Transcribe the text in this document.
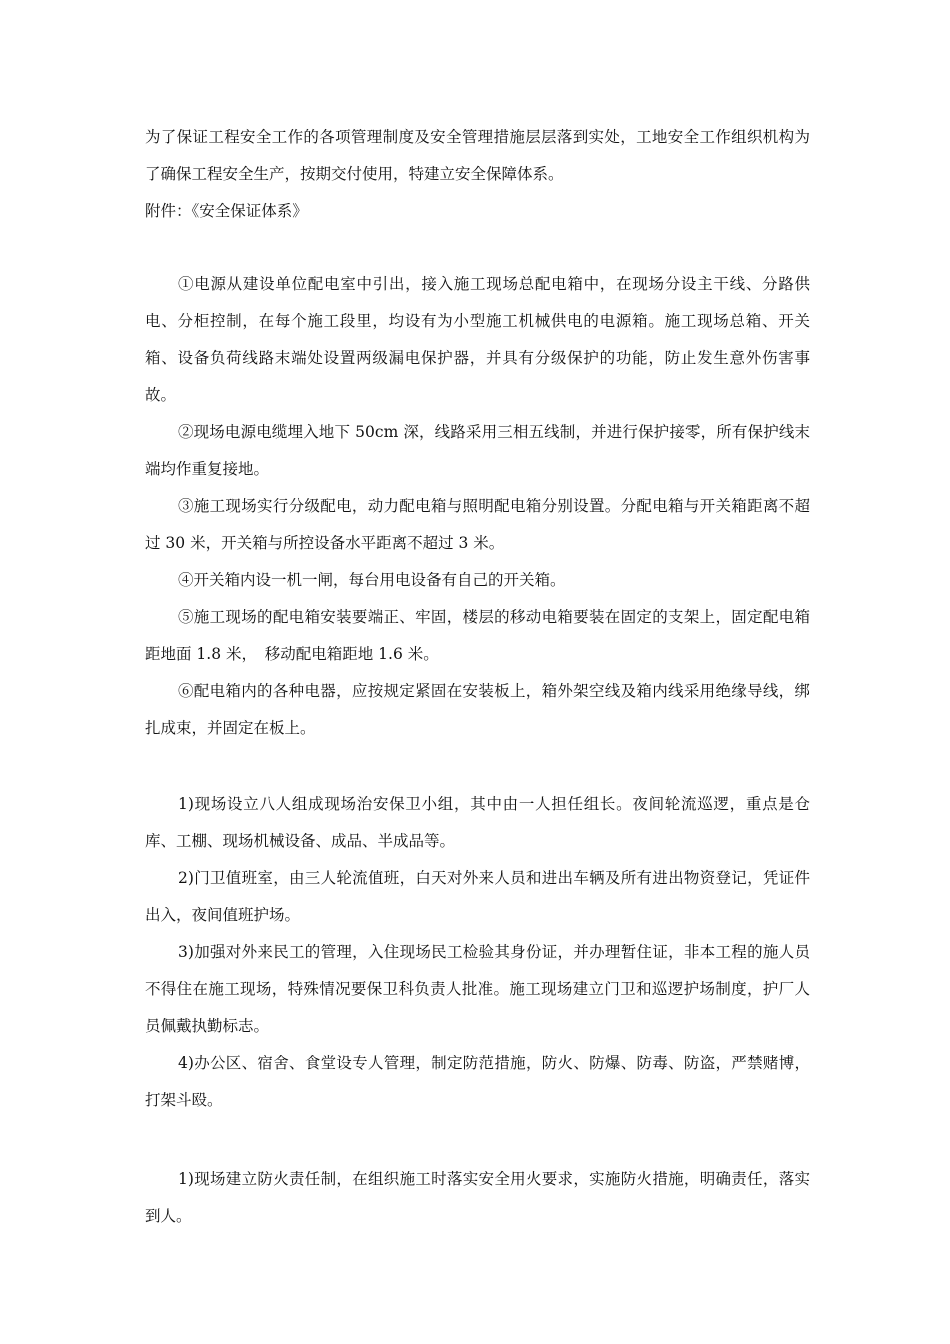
为了保证工程安全工作的各项管理制度及安全管理措施层层落到实处，工地安全工作组织机构为了确保工程安全生产，按期交付使用，特建立安全保障体系。

附件：《安全保证体系》

①电源从建设单位配电室中引出，接入施工现场总配电箱中，在现场分设主干线、分路供电、分柜控制，在每个施工段里，均设有为小型施工机械供电的电源箱。施工现场总箱、开关箱、设备负荷线路末端处设置两级漏电保护器，并具有分级保护的功能，防止发生意外伤害事故。

②现场电源电缆埋入地下 50cm 深，线路采用三相五线制，并进行保护接零，所有保护线末端均作重复接地。

③施工现场实行分级配电，动力配电箱与照明配电箱分别设置。分配电箱与开关箱距离不超过 30 米，开关箱与所控设备水平距离不超过 3 米。

④开关箱内设一机一闸，每台用电设备有自己的开关箱。

⑤施工现场的配电箱安装要端正、牢固，楼层的移动电箱要装在固定的支架上，固定配电箱距地面 1.8 米，　移动配电箱距地 1.6 米。

⑥配电箱内的各种电器，应按规定紧固在安装板上，箱外架空线及箱内线采用绝缘导线，绑扎成束，并固定在板上。

1)现场设立八人组成现场治安保卫小组，其中由一人担任组长。夜间轮流巡逻，重点是仓库、工棚、现场机械设备、成品、半成品等。

2)门卫值班室，由三人轮流值班，白天对外来人员和进出车辆及所有进出物资登记，凭证件出入，夜间值班护场。

3)加强对外来民工的管理，入住现场民工检验其身份证，并办理暂住证，非本工程的施人员不得住在施工现场，特殊情况要保卫科负责人批准。施工现场建立门卫和巡逻护场制度，护厂人员佩戴执勤标志。

4)办公区、宿舍、食堂设专人管理，制定防范措施，防火、防爆、防毒、防盗，严禁赌博，打架斗殴。

1)现场建立防火责任制，在组织施工时落实安全用火要求，实施防火措施，明确责任，落实到人。
